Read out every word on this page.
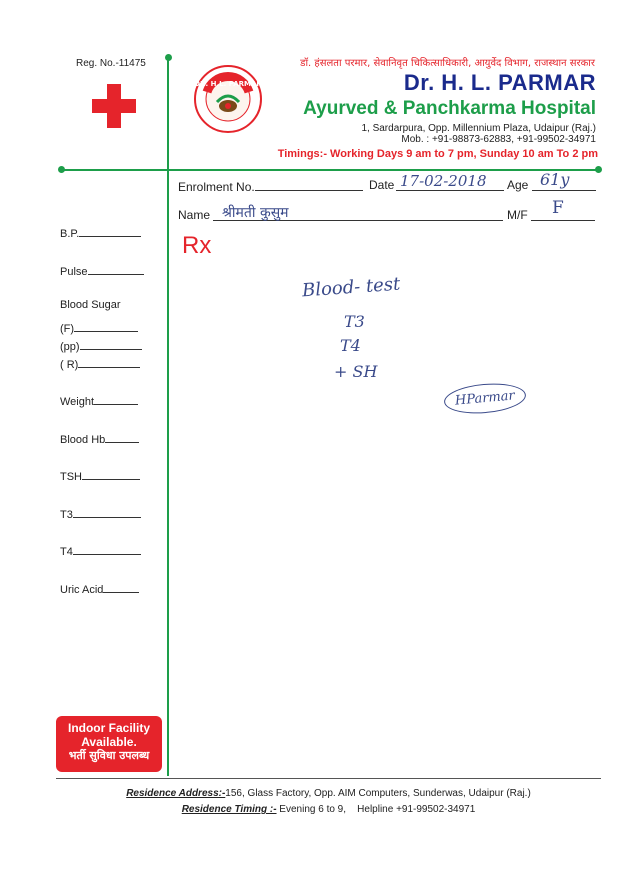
Reg. No.-11475
DR. H.L. PARMAR
डॉ. हंसलता परमार, सेवानिवृत चिकित्साधिकारी, आयुर्वेद विभाग, राजस्थान सरकार
Dr. H. L. PARMAR
Ayurved & Panchkarma Hospital
1, Sardarpura, Opp. Millennium Plaza, Udaipur (Raj.)
Mob. : +91-98873-62883, +91-99502-34971
Timings:- Working Days 9 am to 7 pm, Sunday 10 am To 2 pm
Enrolment No.	Date 17-02-2018 Age 61y
Name श्रीमती कुसुम	M/F F
Rx
Blood- test
T3
T4
+ SH
HParmar
B.P.
Pulse
Blood Sugar
(F)
(pp)
( R)
Weight
Blood Hb
TSH
T3
T4
Uric Acid
Indoor Facility
Available.
भर्ती सुविधा उपलब्ध
Residence Address:-156, Glass Factory, Opp. AIM Computers, Sunderwas, Udaipur (Raj.)
Residence Timing :- Evening 6 to 9, Helpline +91-99502-34971
